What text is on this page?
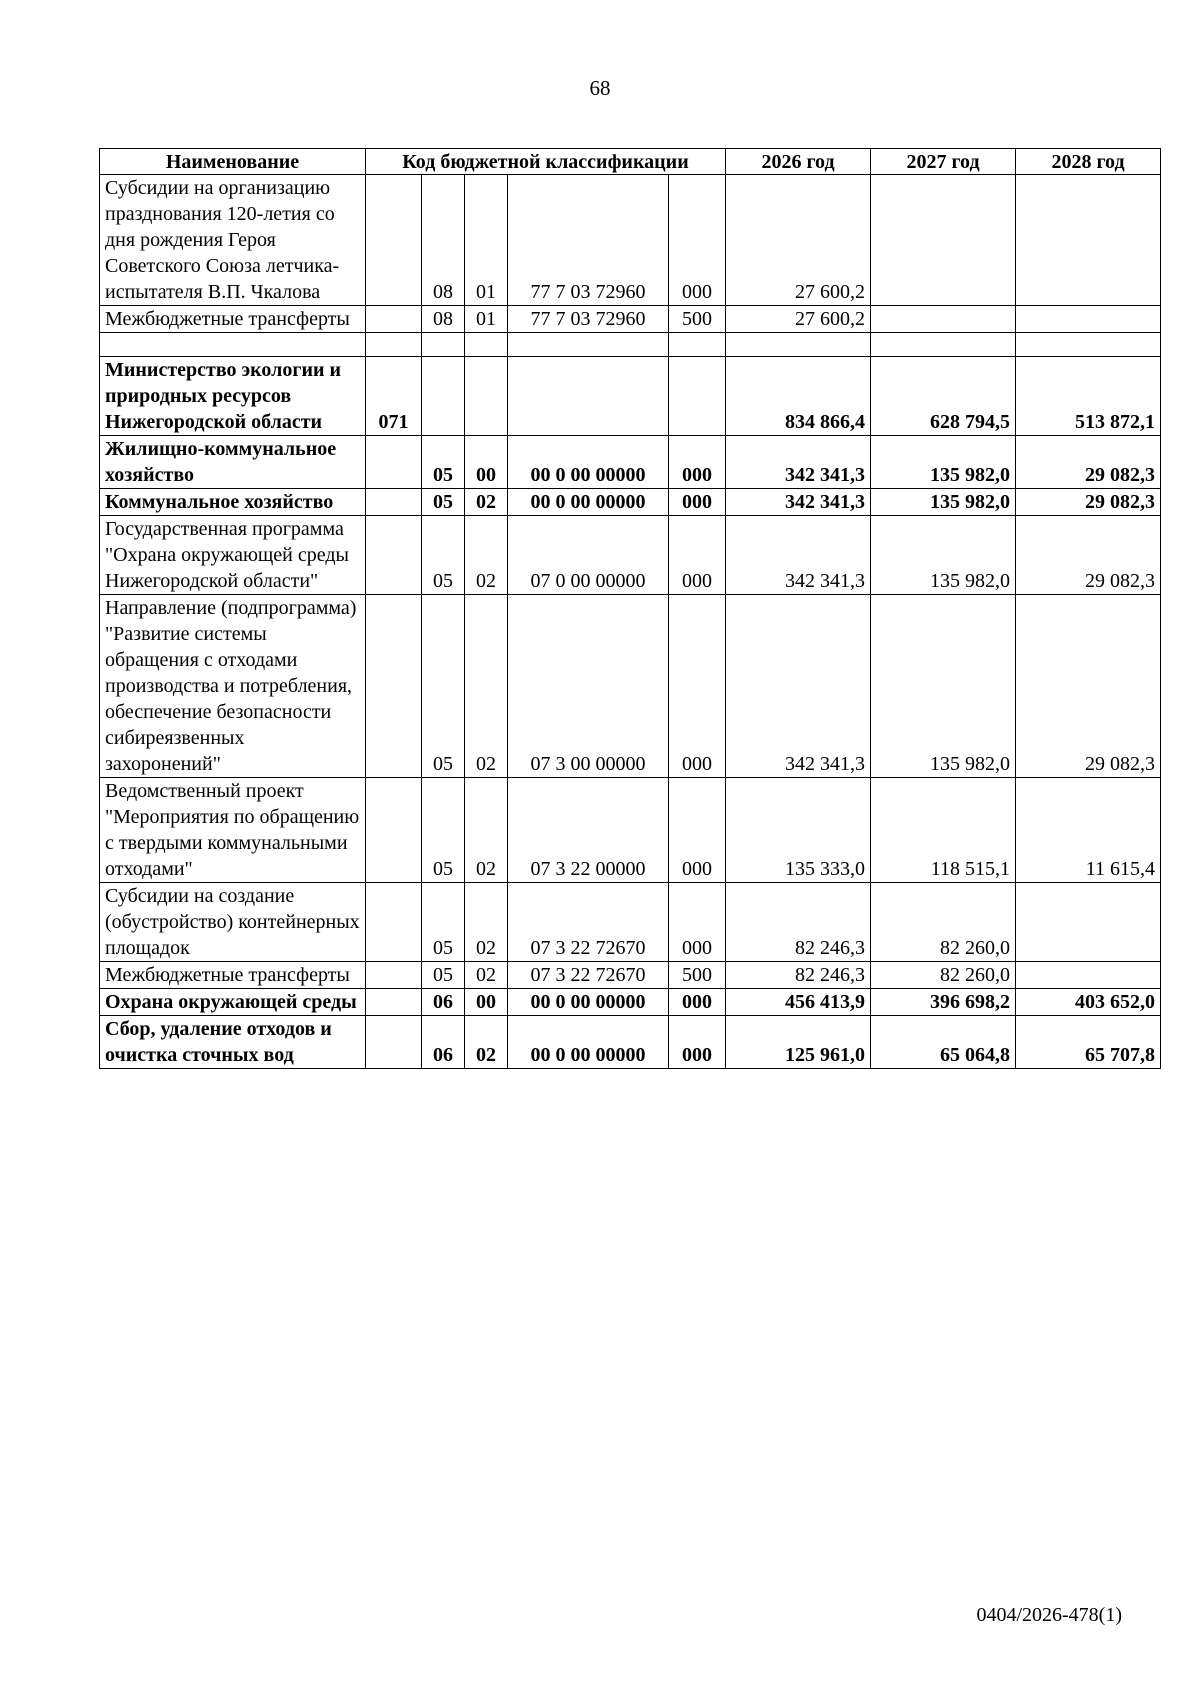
68
Наименование	Код бюджетной классификации					2026 год	2027 год	2028 год
Субсидии на организацию празднования 120-летия со дня рождения Героя Советского Союза летчика-испытателя В.П. Чкалова		08	01	77 7 03 72960	000	27 600,2		
Межбюджетные трансферты		08	01	77 7 03 72960	500	27 600,2		

Министерство экологии и природных ресурсов Нижегородской области	071					834 866,4	628 794,5	513 872,1
Жилищно-коммунальное хозяйство		05	00	00 0 00 00000	000	342 341,3	135 982,0	29 082,3
Коммунальное хозяйство		05	02	00 0 00 00000	000	342 341,3	135 982,0	29 082,3
Государственная программа "Охрана окружающей среды Нижегородской области"		05	02	07 0 00 00000	000	342 341,3	135 982,0	29 082,3
Направление (подпрограмма) "Развитие системы обращения с отходами производства и потребления, обеспечение безопасности сибиреязвенных захоронений"		05	02	07 3 00 00000	000	342 341,3	135 982,0	29 082,3
Ведомственный проект "Мероприятия по обращению с твердыми коммунальными отходами"		05	02	07 3 22 00000	000	135 333,0	118 515,1	11 615,4
Субсидии на создание (обустройство) контейнерных площадок		05	02	07 3 22 72670	000	82 246,3	82 260,0	
Межбюджетные трансферты		05	02	07 3 22 72670	500	82 246,3	82 260,0	
Охрана окружающей среды		06	00	00 0 00 00000	000	456 413,9	396 698,2	403 652,0
Сбор, удаление отходов и очистка сточных вод		06	02	00 0 00 00000	000	125 961,0	65 064,8	65 707,8
0404/2026-478(1)
